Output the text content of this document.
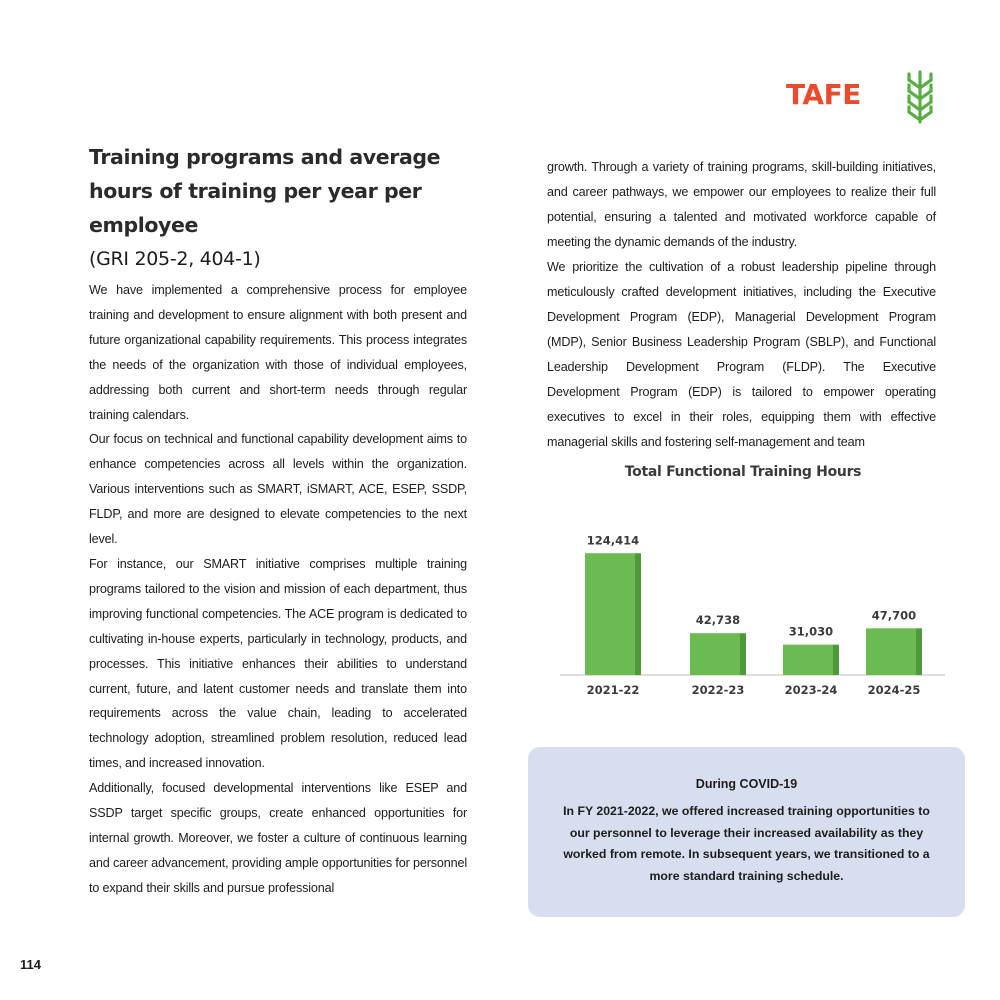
TAFE
Training programs and average
hours of training per year per
employee
(GRI 205-2, 404-1)

We have implemented a comprehensive process for employee training and development to ensure alignment with both present and future organizational capability requirements. This process integrates the needs of the organization with those of individual employees, addressing both current and short-term needs through regular training calendars.

Our focus on technical and functional capability development aims to enhance competencies across all levels within the organization. Various interventions such as SMART, iSMART, ACE, ESEP, SSDP, FLDP, and more are designed to elevate competencies to the next level.

For instance, our SMART initiative comprises multiple training programs tailored to the vision and mission of each department, thus improving functional competencies. The ACE program is dedicated to cultivating in-house experts, particularly in technology, products, and processes. This initiative enhances their abilities to understand current, future, and latent customer needs and translate them into requirements across the value chain, leading to accelerated technology adoption, streamlined problem resolution, reduced lead times, and increased innovation.

Additionally, focused developmental interventions like ESEP and SSDP target specific groups, create enhanced opportunities for internal growth. Moreover, we foster a culture of continuous learning and career advancement, providing ample opportunities for personnel to expand their skills and pursue professional

growth. Through a variety of training programs, skill-building initiatives, and career pathways, we empower our employees to realize their full potential, ensuring a talented and motivated workforce capable of meeting the dynamic demands of the industry.

We prioritize the cultivation of a robust leadership pipeline through meticulously crafted development initiatives, including the Executive Development Program (EDP), Managerial Development Program (MDP), Senior Business Leadership Program (SBLP), and Functional Leadership Development Program (FLDP). The Executive Development Program (EDP) is tailored to empower operating executives to excel in their roles, equipping them with effective managerial skills and fostering self-management and team

Total Functional Training Hours
124,414
2021-22
42,738
2022-23
31,030
2023-24
47,700
2024-25
During COVID-19

In FY 2021-2022, we offered increased training opportunities to our personnel to leverage their increased availability as they worked from remote. In subsequent years, we transitioned to a more standard training schedule.

114
